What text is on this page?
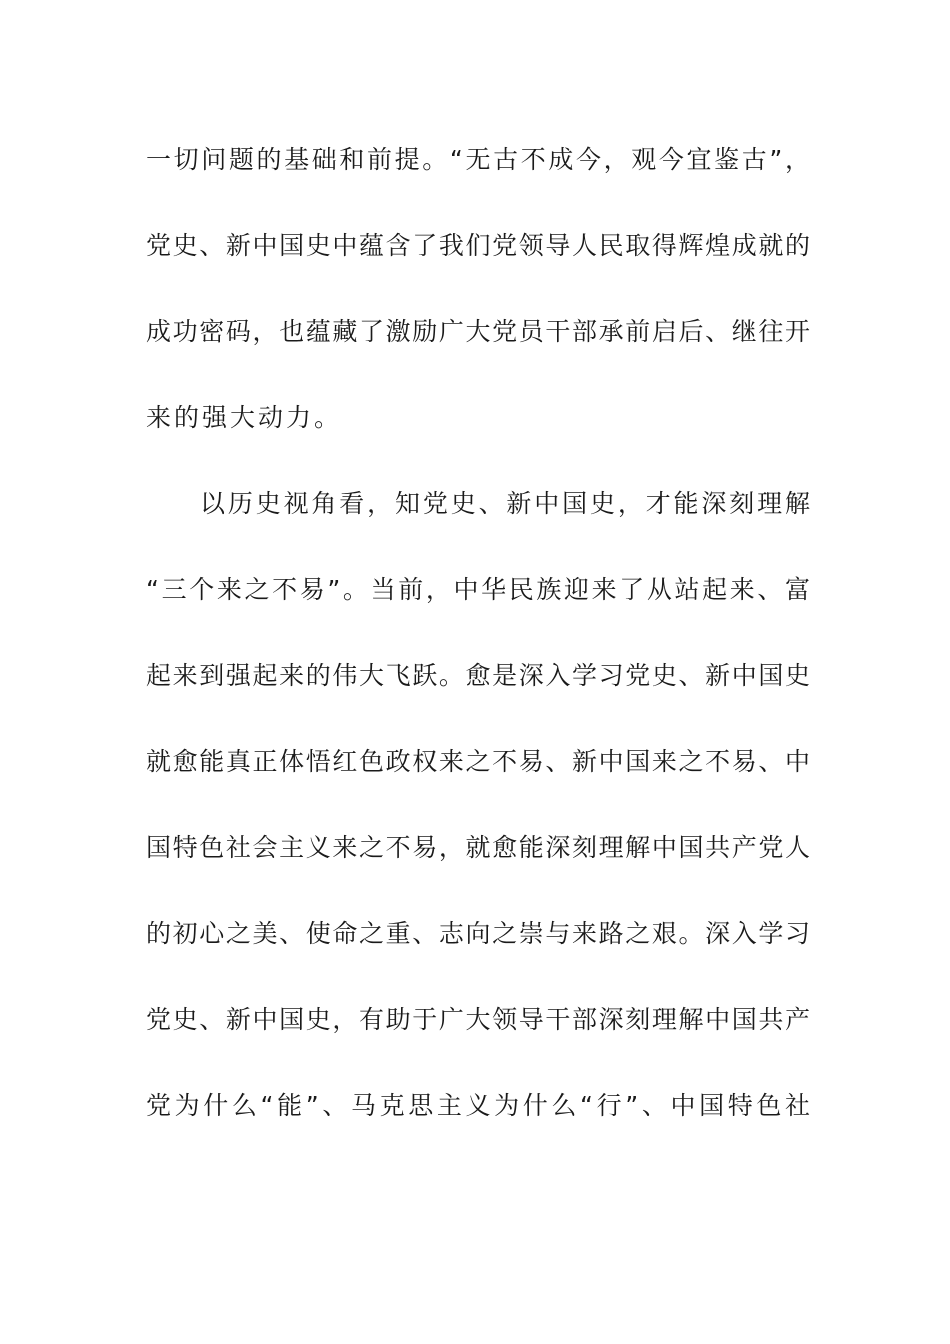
一切问题的基础和前提。“无古不成今，观今宜鉴古”，
党史、新中国史中蕴含了我们党领导人民取得辉煌成就的
成功密码，也蕴藏了激励广大党员干部承前启后、继往开
来的强大动力。
以历史视角看，知党史、新中国史，才能深刻理解
“三个来之不易”。当前，中华民族迎来了从站起来、富
起来到强起来的伟大飞跃。愈是深入学习党史、新中国史
就愈能真正体悟红色政权来之不易、新中国来之不易、中
国特色社会主义来之不易，就愈能深刻理解中国共产党人
的初心之美、使命之重、志向之崇与来路之艰。深入学习
党史、新中国史，有助于广大领导干部深刻理解中国共产
党为什么“能”、马克思主义为什么“行”、中国特色社
